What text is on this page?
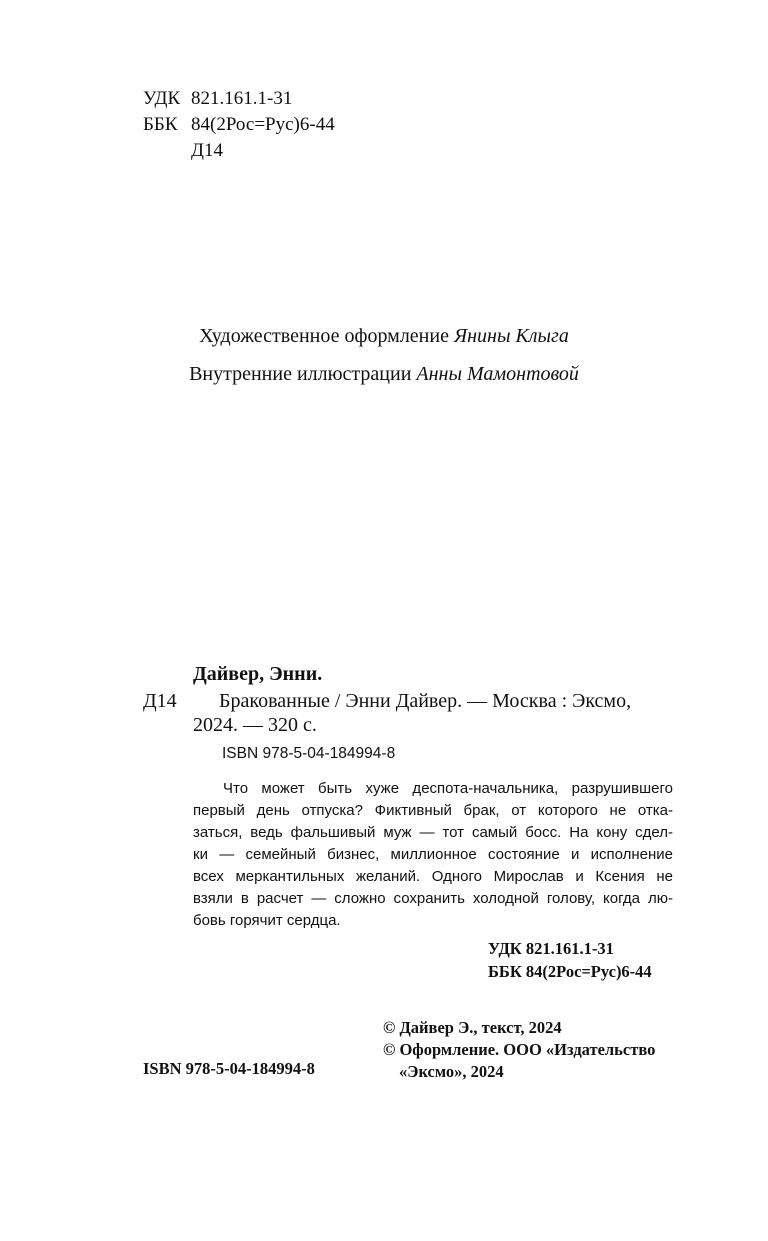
УДК 821.161.1-31
ББК 84(2Рос=Рус)6-44
Д14
Художественное оформление Янины Клыга
Внутренние иллюстрации Анны Мамонтовой
Дайвер, Энни.
Д14	Бракованные / Энни Дайвер. — Москва : Эксмо,
2024. — 320 с.
ISBN 978-5-04-184994-8
Что может быть хуже деспота-начальника, разрушившего
первый день отпуска? Фиктивный брак, от которого не отка-
заться, ведь фальшивый муж — тот самый босс. На кону сдел-
ки — семейный бизнес, миллионное состояние и исполнение
всех меркантильных желаний. Одного Мирослав и Ксения не
взяли в расчет — сложно сохранить холодной голову, когда лю-
бовь горячит сердца.
УДК 821.161.1-31
ББК 84(2Рос=Рус)6-44
© Дайвер Э., текст, 2024
© Оформление. ООО «Издательство
«Эксмо», 2024
ISBN 978-5-04-184994-8
